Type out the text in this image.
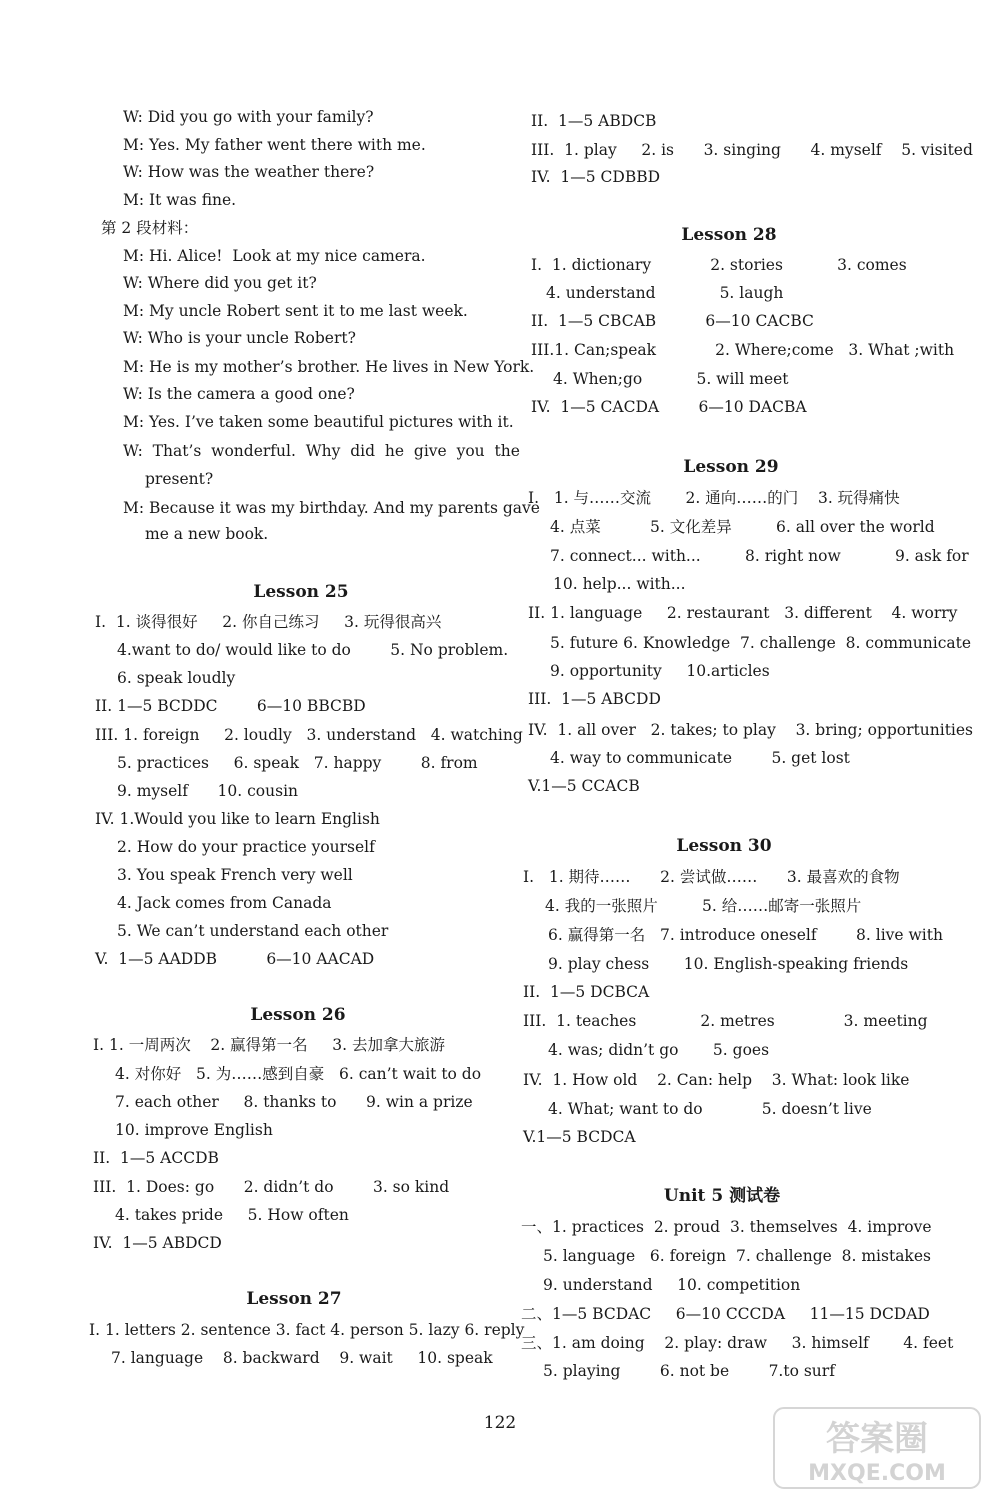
W: Did you go with your family?
M: Yes. My father went there with me.
W: How was the weather there?
M: It was fine.
第 2 段材料：
M: Hi. Alice!  Look at my nice camera.
W: Where did you get it?
M: My uncle Robert sent it to me last week.
W: Who is your uncle Robert?
M: He is my mother’s brother. He lives in New York.
W: Is the camera a good one?
M: Yes. I’ve taken some beautiful pictures with it.
W:  That’s  wonderful.  Why  did  he  give  you  the
present?
M: Because it was my birthday. And my parents gave
me a new book.
I.  1. 谈得很好     2. 你自己练习     3. 玩得很高兴
4.want to do/ would like to do        5. No problem.
6. speak loudly
II. 1—5 BCDDC        6—10 BBCBD
III. 1. foreign     2. loudly   3. understand   4. watching
5. practices     6. speak   7. happy        8. from
9. myself      10. cousin
IV. 1.Would you like to learn English
2. How do your practice yourself
3. You speak French very well
4. Jack comes from Canada
5. We can’t understand each other
V.  1—5 AADDB          6—10 AACAD
I. 1. 一周两次    2. 赢得第一名     3. 去加拿大旅游
4. 对你好   5. 为……感到自豪   6. can’t wait to do
7. each other     8. thanks to      9. win a prize
10. improve English
II.  1—5 ACCDB
III.  1. Does: go      2. didn’t do        3. so kind
4. takes pride     5. How often
IV.  1—5 ABDCD
I. 1. letters 2. sentence 3. fact 4. person 5. lazy 6. reply
7. language    8. backward    9. wait     10. speak
II.  1—5 ABDCB
III.  1. play     2. is      3. singing      4. myself    5. visited
IV.  1—5 CDBBD
I.  1. dictionary            2. stories           3. comes
4. understand             5. laugh
II.  1—5 CBCAB          6—10 CACBC
III.1. Can;speak            2. Where;come   3. What ;with
4. When;go           5. will meet
IV.  1—5 CACDA        6—10 DACBA
I.   1. 与……交流       2. 通向……的门    3. 玩得痛快
4. 点菜          5. 文化差异         6. all over the world
7. connect... with...         8. right now           9. ask for
10. help... with...
II. 1. language     2. restaurant   3. different    4. worry
5. future 6. Knowledge  7. challenge  8. communicate
9. opportunity     10.articles
III.  1—5 ABCDD
IV.  1. all over   2. takes; to play    3. bring; opportunities
4. way to communicate        5. get lost
V.1—5 CCACB
I.   1. 期待……      2. 尝试做……      3. 最喜欢的食物
4. 我的一张照片         5. 给……邮寄一张照片
6. 赢得第一名   7. introduce oneself        8. live with
9. play chess       10. English-speaking friends
II.  1—5 DCBCA
III.  1. teaches             2. metres              3. meeting
4. was; didn’t go       5. goes
IV.  1. How old    2. Can: help    3. What: look like
4. What; want to do            5. doesn’t live
V.1—5 BCDCA
一、1. practices  2. proud  3. themselves  4. improve
5. language   6. foreign  7. challenge  8. mistakes
9. understand     10. competition
二、1—5 BCDAC     6—10 CCCDA     11—15 DCDAD
三、1. am doing    2. play: draw     3. himself       4. feet
5. playing        6. not be        7.to surf
Lesson 25
Lesson 26
Lesson 27
Lesson 28
Lesson 29
Lesson 30
Unit 5 测试卷
122	答案圈
MXQE.COM
